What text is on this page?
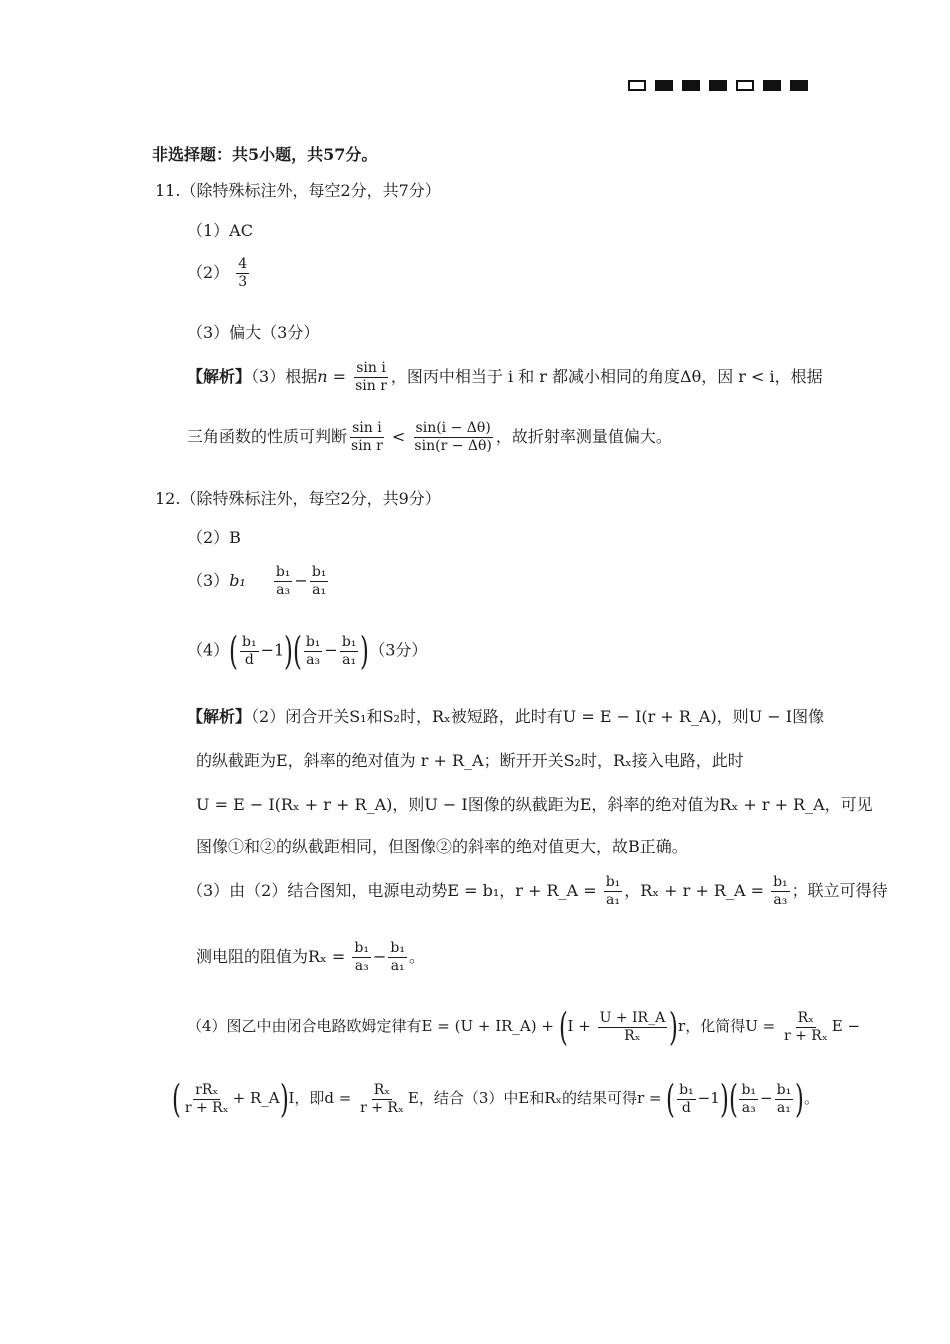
非选择题：共5小题，共57分。
11.（除特殊标注外，每空2分，共7分）
（1）AC
$(2) \frac{4}{3}$
（3）偏大（3分）
【解析】（3）根据$n = \frac{\text{sin i}}{\text{sin r}}$ ，图丙中相当于 i 和 r 都减小相同的角度Δθ，因 r < i，根据
三角函数的性质可判断 $\frac{\text{sin i}}{\text{sin r}} < \frac{\sin(i - \Delta\theta)}{\sin(r - \Delta\theta)}$ ，故折射率测量值偏大。
12.（除特殊标注外，每空2分，共9分）
（2）B
$(3)b_1 \frac{\text{b₁}}{\text{a₃}} - \frac{\text{b₁}}{\text{a₁}}$
$(4)( \frac{\text{b₁}}{d} -1)( \frac{\text{b₁}}{\text{a₃}} - \frac{\text{b₁}}{\text{a₁}} )(3$分）
【解析】（2）闭合开关S₁和S₂时，Rₓ被短路，此时有U = E − I(r + R_A)，则U − I图像
的纵截距为E，斜率的绝对值为 r + R_A；断开开关S₂时，Rₓ接入电路，此时
U = E − I(Rₓ + r + R_A)，则U − I图像的纵截距为E，斜率的绝对值为Rₓ + r + R_A，可见
图像①和②的纵截距相同，但图像②的斜率的绝对值更大，故B正确。
（3）由（2）结合图知，电源电动势E = b₁，r + R_A = $\frac{\text{b₁}}{\text{a₁}}$ ，Rₓ + r + R_A = $\frac{\text{b₁}}{\text{a₃}}$ ；联立可得待
测电阻的阻值为$R_x = \frac{\text{b₁}}{\text{a₃}} - \frac{\text{b₁}}{\text{a₁}}$ 。
（4）图乙中由闭合电路欧姆定律有E = (U + IR_A) + $(I + \frac{U + IR\_A}{\text{Rₓ}} )r$，化简得$U = \frac{\text{Rₓ}}{\text{r + Rₓ}}$ E −
( $\frac{\text{rRₓ}}{\text{r + Rₓ}}$ + R_A)I，即$d = \frac{\text{Rₓ}}{\text{r + Rₓ}}$ E，结合（3）中E和Rₓ的结果可得r = ( $\frac{\text{b₁}}{d} -1)( \frac{\text{b₁}}{\text{a₃}} - \frac{\text{b₁}}{\text{a₁}}$ )。
